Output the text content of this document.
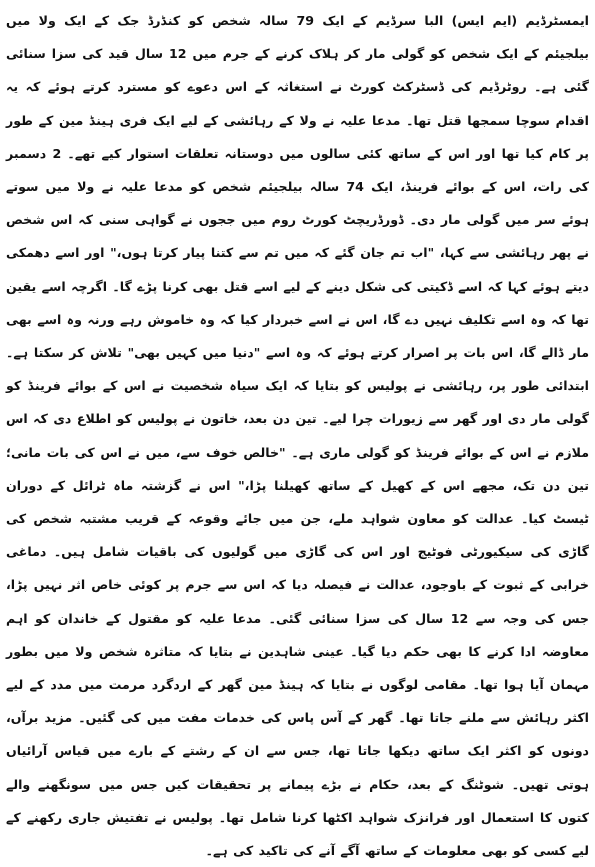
ایمسٹرڈیم (ایم ایس) البا سرڈیم کے ایک 79 سالہ شخص کو کنڈرڈ جک کے ایک ولا میں بیلجیئم کے ایک شخص کو گولی مار کر ہلاک کرنے کے جرم میں 12 سال قید کی سزا سنائی گئی ہے۔ روٹرڈیم کی ڈسٹرکٹ کورٹ نے استغاثہ کے اس دعوے کو مسترد کرتے ہوئے کہ یہ اقدام سوچا سمجھا قتل تھا۔ مدعا علیہ نے ولا کے رہائشی کے لیے ایک فری ہینڈ مین کے طور پر کام کیا تھا اور اس کے ساتھ کئی سالوں میں دوستانہ تعلقات استوار کیے تھے۔ 2 دسمبر کی رات، اس کے بوائے فرینڈ، ایک 74 سالہ بیلجیئم شخص کو مدعا علیہ نے ولا میں سوتے ہوئے سر میں گولی مار دی۔ ڈورڈریچٹ کورٹ روم میں ججوں نے گواہی سنی کہ اس شخص نے پھر رہائشی سے کہا، "اب تم جان گئے کہ میں تم سے کتنا پیار کرتا ہوں،" اور اسے دھمکی دیتے ہوئے کہا کہ اسے ڈکیتی کی شکل دینے کے لیے اسے قتل بھی کرنا پڑے گا۔ اگرچہ اسے یقین تھا کہ وہ اسے تکلیف نہیں دے گا، اس نے اسے خبردار کیا کہ وہ خاموش رہے ورنہ وہ اسے بھی مار ڈالے گا، اس بات پر اصرار کرتے ہوئے کہ وہ اسے "دنیا میں کہیں بھی" تلاش کر سکتا ہے۔ ابتدائی طور پر، رہائشی نے پولیس کو بتایا کہ ایک سیاہ شخصیت نے اس کے بوائے فرینڈ کو گولی مار دی اور گھر سے زیورات چرا لیے۔ تین دن بعد، خاتون نے پولیس کو اطلاع دی کہ اس ملازم نے اس کے بوائے فرینڈ کو گولی ماری ہے۔ "خالص خوف سے، میں نے اس کی بات مانی؛ تین دن تک، مجھے اس کے کھیل کے ساتھ کھیلنا پڑا،" اس نے گزشتہ ماہ ٹرائل کے دوران ٹیسٹ کیا۔ عدالت کو معاون شواہد ملے، جن میں جائے وقوعہ کے قریب مشتبہ شخص کی گاڑی کی سیکیورٹی فوٹیج اور اس کی گاڑی میں گولیوں کی باقیات شامل ہیں۔ دماغی خرابی کے ثبوت کے باوجود، عدالت نے فیصلہ دیا کہ اس سے جرم پر کوئی خاص اثر نہیں پڑا، جس کی وجہ سے 12 سال کی سزا سنائی گئی۔ مدعا علیہ کو مقتول کے خاندان کو اہم معاوضہ ادا کرنے کا بھی حکم دیا گیا۔ عینی شاہدین نے بتایا کہ متاثرہ شخص ولا میں بطور مہمان آیا ہوا تھا۔ مقامی لوگوں نے بتایا کہ ہینڈ مین گھر کے اردگرد مرمت میں مدد کے لیے اکثر رہائش سے ملنے جاتا تھا۔ گھر کے آس پاس کی خدمات مفت میں کی گئیں۔ مزید برآں، دونوں کو اکثر ایک ساتھ دیکھا جاتا تھا، جس سے ان کے رشتے کے بارے میں قیاس آرائیاں ہوتی تھیں۔ شوٹنگ کے بعد، حکام نے بڑے پیمانے پر تحقیقات کیں جس میں سونگھنے والے کتوں کا استعمال اور فرانزک شواہد اکٹھا کرنا شامل تھا۔ پولیس نے تفتیش جاری رکھنے کے لیے کسی کو بھی معلومات کے ساتھ آگے آنے کی تاکید کی ہے۔
